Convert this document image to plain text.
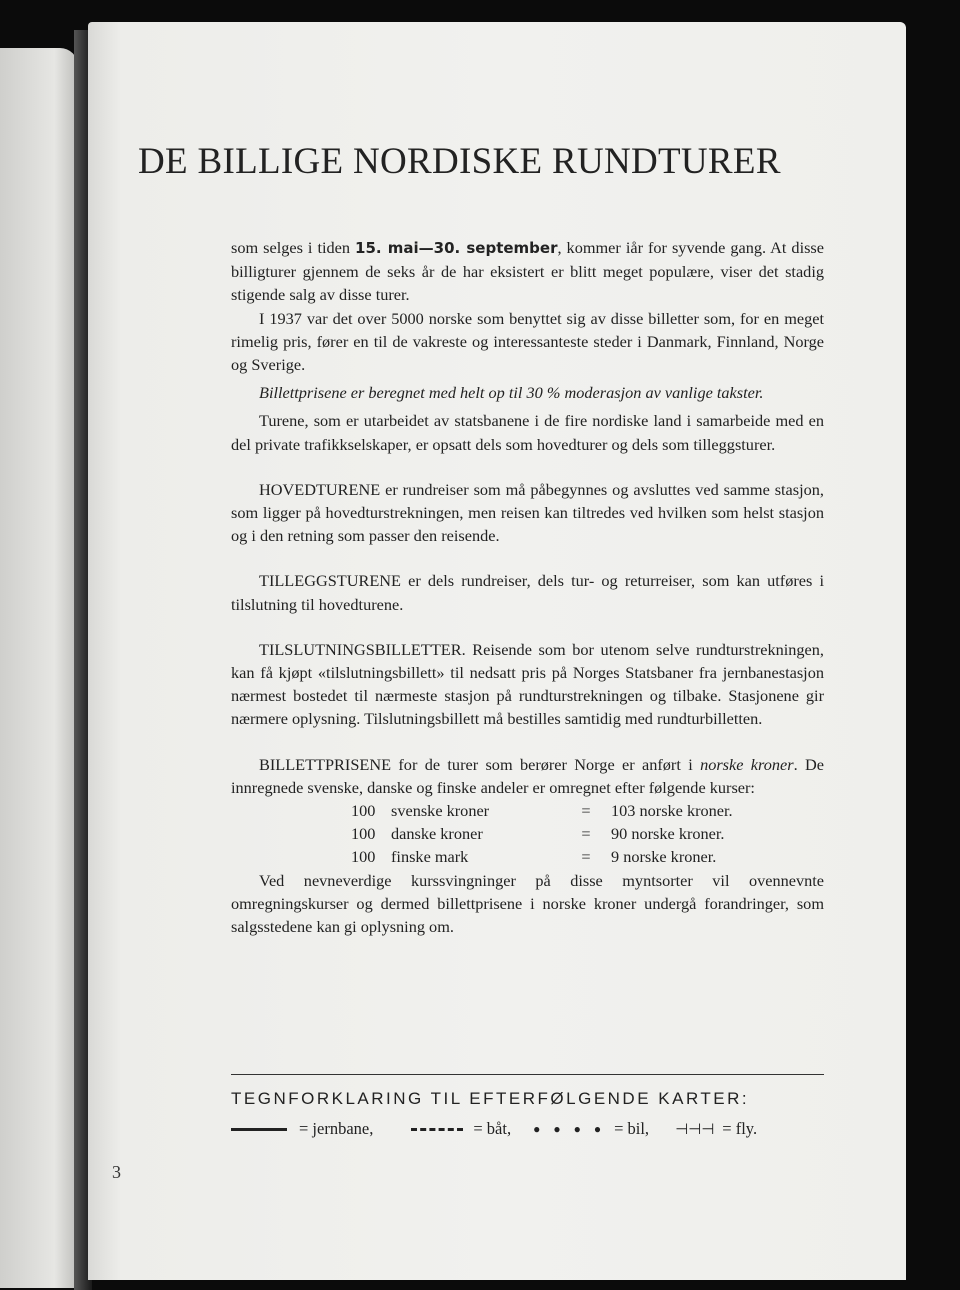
DE BILLIGE NORDISKE RUNDTURER

som selges i tiden 15. mai—30. september, kommer iår for syvende gang. At disse billigturer gjennem de seks år de har eksistert er blitt meget populære, viser det stadig stigende salg av disse turer.

I 1937 var det over 5000 norske som benyttet sig av disse billetter som, for en meget rimelig pris, fører en til de vakreste og interessanteste steder i Danmark, Finnland, Norge og Sverige.

Billettprisene er beregnet med helt op til 30 % moderasjon av vanlige takster.

Turene, som er utarbeidet av statsbanene i de fire nordiske land i samarbeide med en del private trafikkselskaper, er opsatt dels som hovedturer og dels som tilleggsturer.

HOVEDTURENE er rundreiser som må påbegynnes og avsluttes ved samme stasjon, som ligger på hovedturstrekningen, men reisen kan tiltredes ved hvilken som helst stasjon og i den retning som passer den reisende.

TILLEGGSTURENE er dels rundreiser, dels tur- og returreiser, som kan utføres i tilslutning til hovedturene.

TILSLUTNINGSBILLETTER. Reisende som bor utenom selve rundturstrekningen, kan få kjøpt «tilslutningsbillett» til nedsatt pris på Norges Statsbaner fra jernbanestasjon nærmest bostedet til nærmeste stasjon på rundturstrekningen og tilbake. Stasjonene gir nærmere oplysning. Tilslutningsbillett må bestilles samtidig med rundturbilletten.

BILLETTPRISENE for de turer som berører Norge er anført i norske kroner. De innregnede svenske, danske og finske andeler er omregnet efter følgende kurser:

	100	svenske kroner	=	103 norske kroner.
	100	danske kroner	=	90 norske kroner.
	100	finske mark	=	9 norske kroner.

Ved nevneverdige kurssvingninger på disse myntsorter vil ovennevnte omregningskurser og dermed billettprisene i norske kroner undergå forandringer, som salgsstedene kan gi oplysning om.

TEGNFORKLARING TIL EFTERFØLGENDE KARTER:
= jernbane,	= båt, ● ● ● ● = bil, ⊣⊣⊣ = fly.
3
